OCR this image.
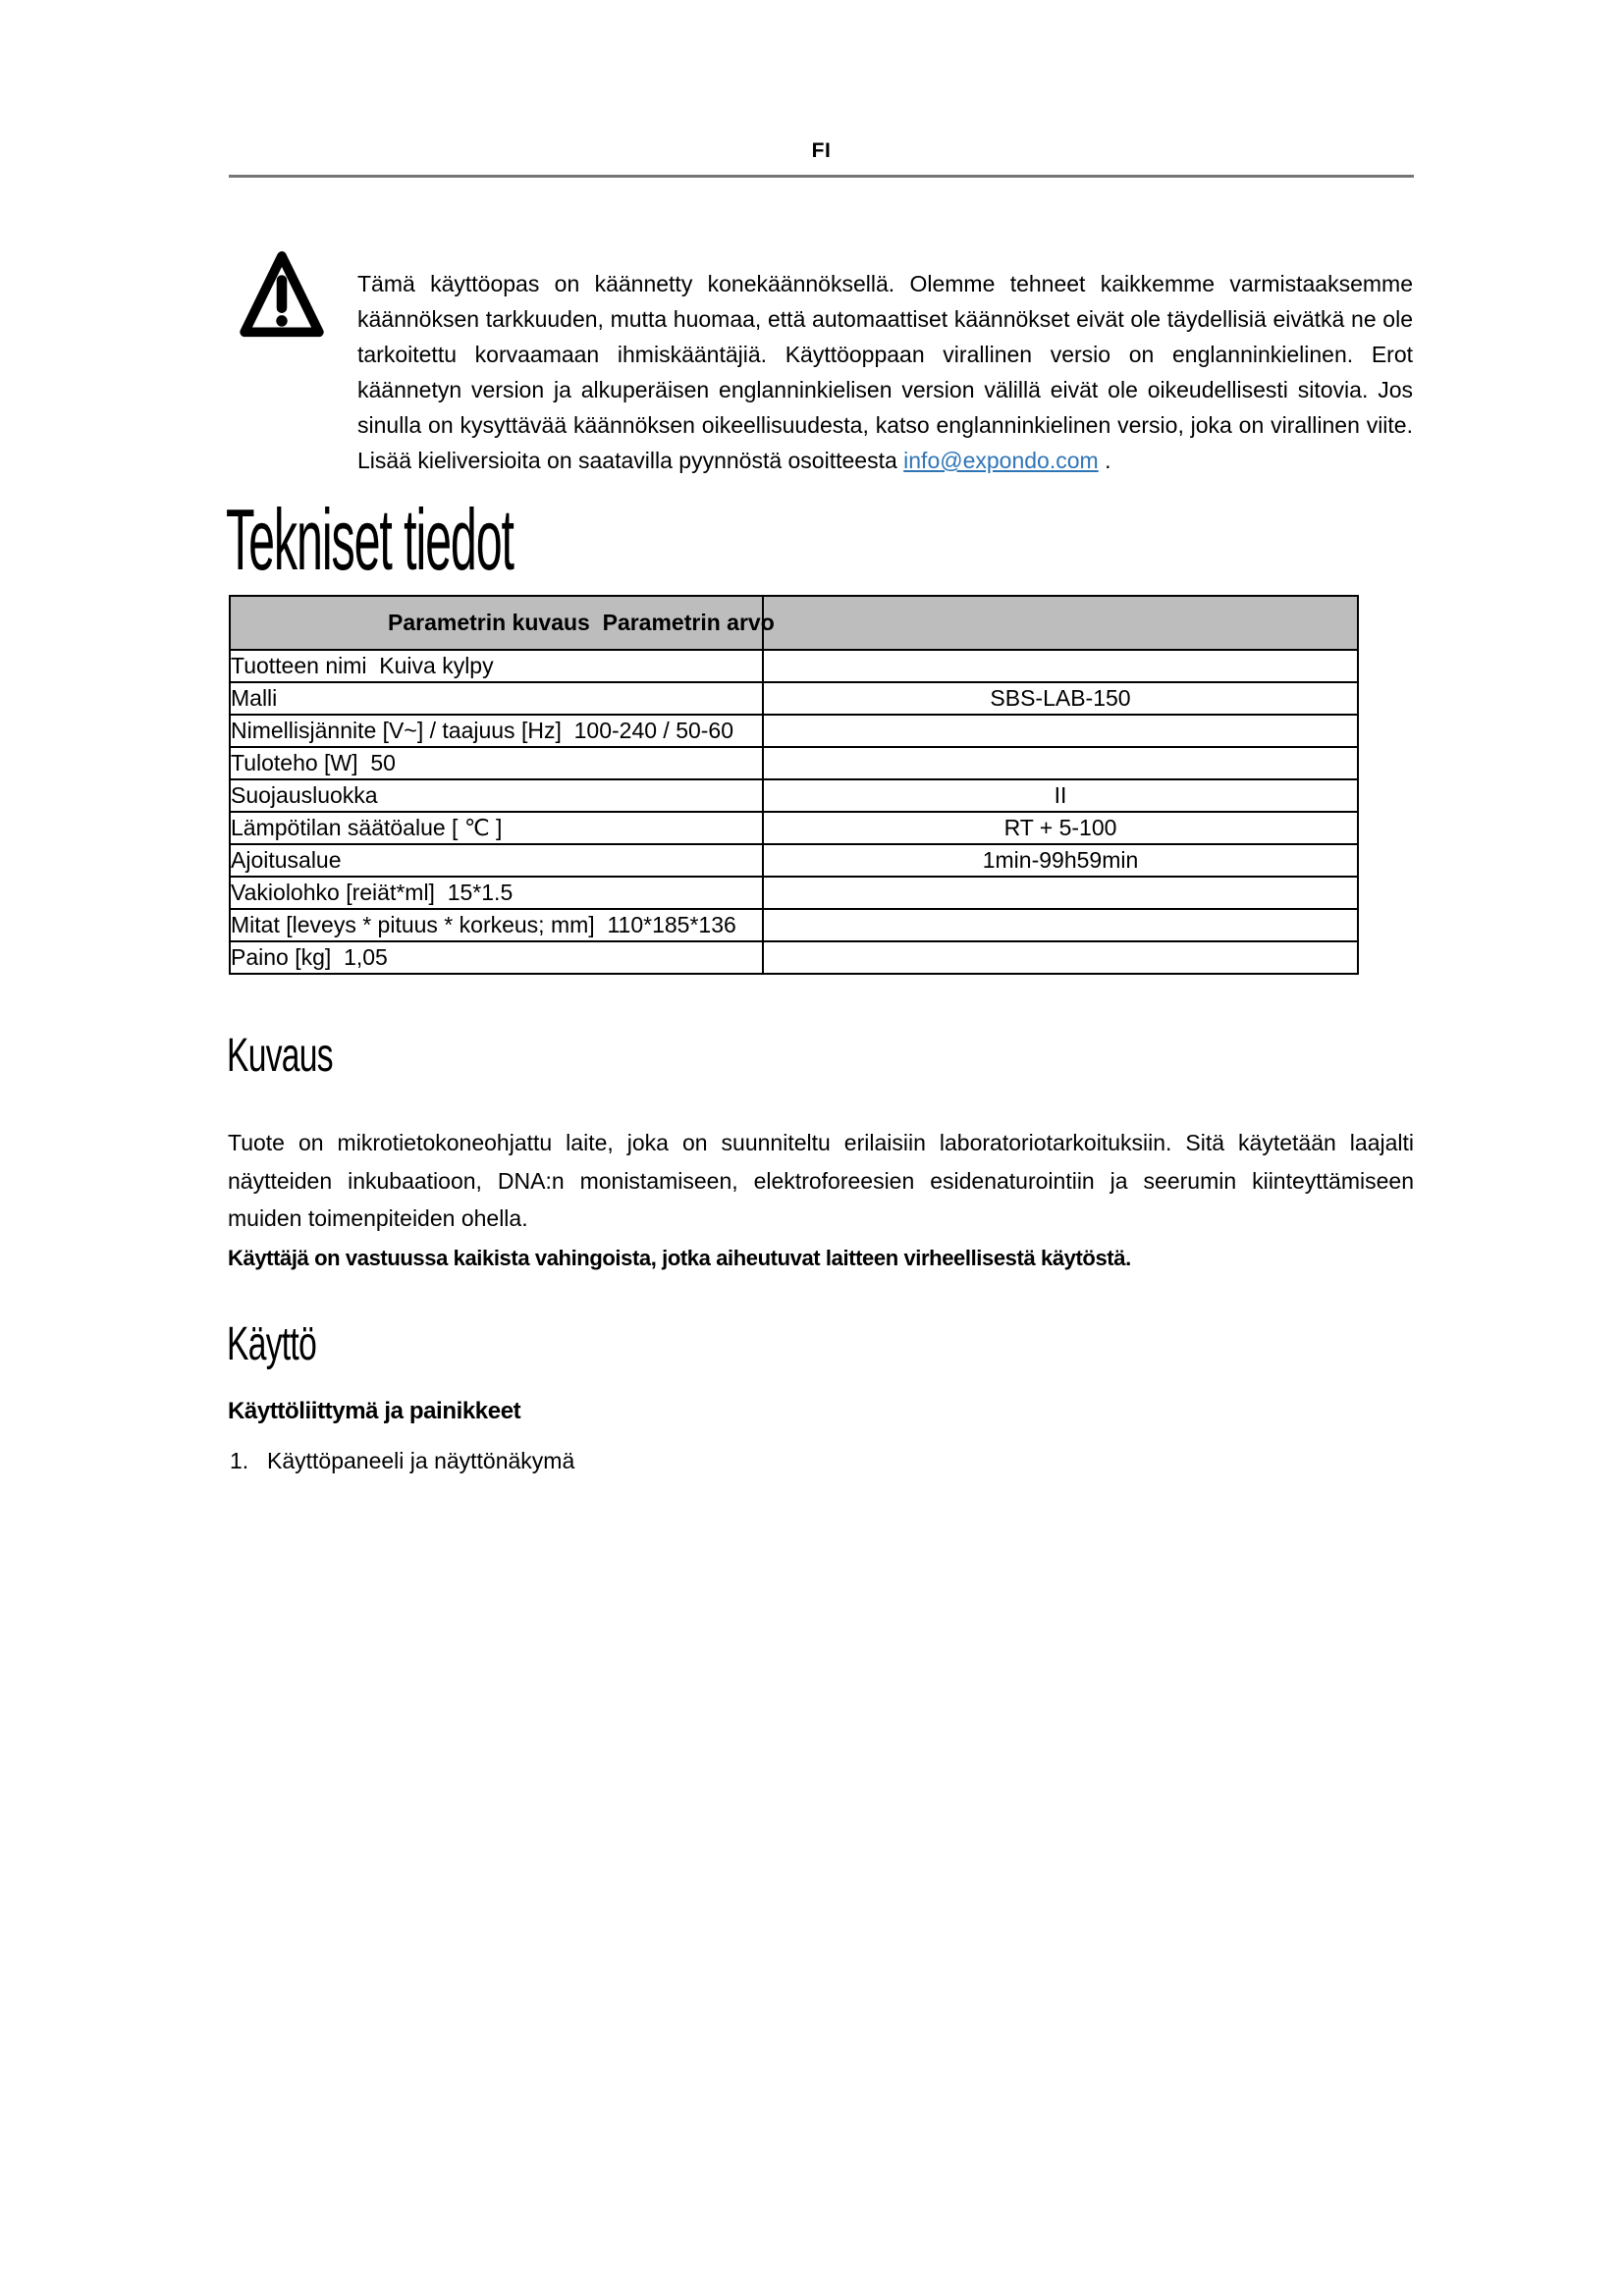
FI

Tämä käyttöopas on käännetty konekäännöksellä. Olemme tehneet kaikkemme varmistaaksemme käännöksen tarkkuuden, mutta huomaa, että automaattiset käännökset eivät ole täydellisiä eivätkä ne ole tarkoitettu korvaamaan ihmiskääntäjiä. Käyttöoppaan virallinen versio on englanninkielinen. Erot käännetyn version ja alkuperäisen englanninkielisen version välillä eivät ole oikeudellisesti sitovia. Jos sinulla on kysyttävää käännöksen oikeellisuudesta, katso englanninkielinen versio, joka on virallinen viite. Lisää kieliversioita on saatavilla pyynnöstä osoitteesta info@expondo.com .

Tekniset tiedot
Parametrin kuvaus  Parametrin arvo	
Tuotteen nimi  Kuiva kylpy	
Malli	SBS-LAB-150
Nimellisjännite [V~] / taajuus [Hz]  100-240 / 50-60	
Tuloteho [W]  50	
Suojausluokka	II
Lämpötilan säätöalue [ ℃ ]	RT + 5-100
Ajoitusalue	1min-99h59min
Vakiolohko [reiät*ml]  15*1.5	
Mitat [leveys * pituus * korkeus; mm]  110*185*136	
Paino [kg]  1,05	
Kuvaus

Tuote on mikrotietokoneohjattu laite, joka on suunniteltu erilaisiin laboratoriotarkoituksiin. Sitä käytetään laajalti näytteiden inkubaatioon, DNA:n monistamiseen, elektroforeesien esidenaturointiin ja seerumin kiinteyttämiseen muiden toimenpiteiden ohella.

Käyttäjä on vastuussa kaikista vahingoista, jotka aiheutuvat laitteen virheellisestä käytöstä.

Käyttö
Käyttöliittymä ja painikkeet
1. Käyttöpaneeli ja näyttönäkymä
